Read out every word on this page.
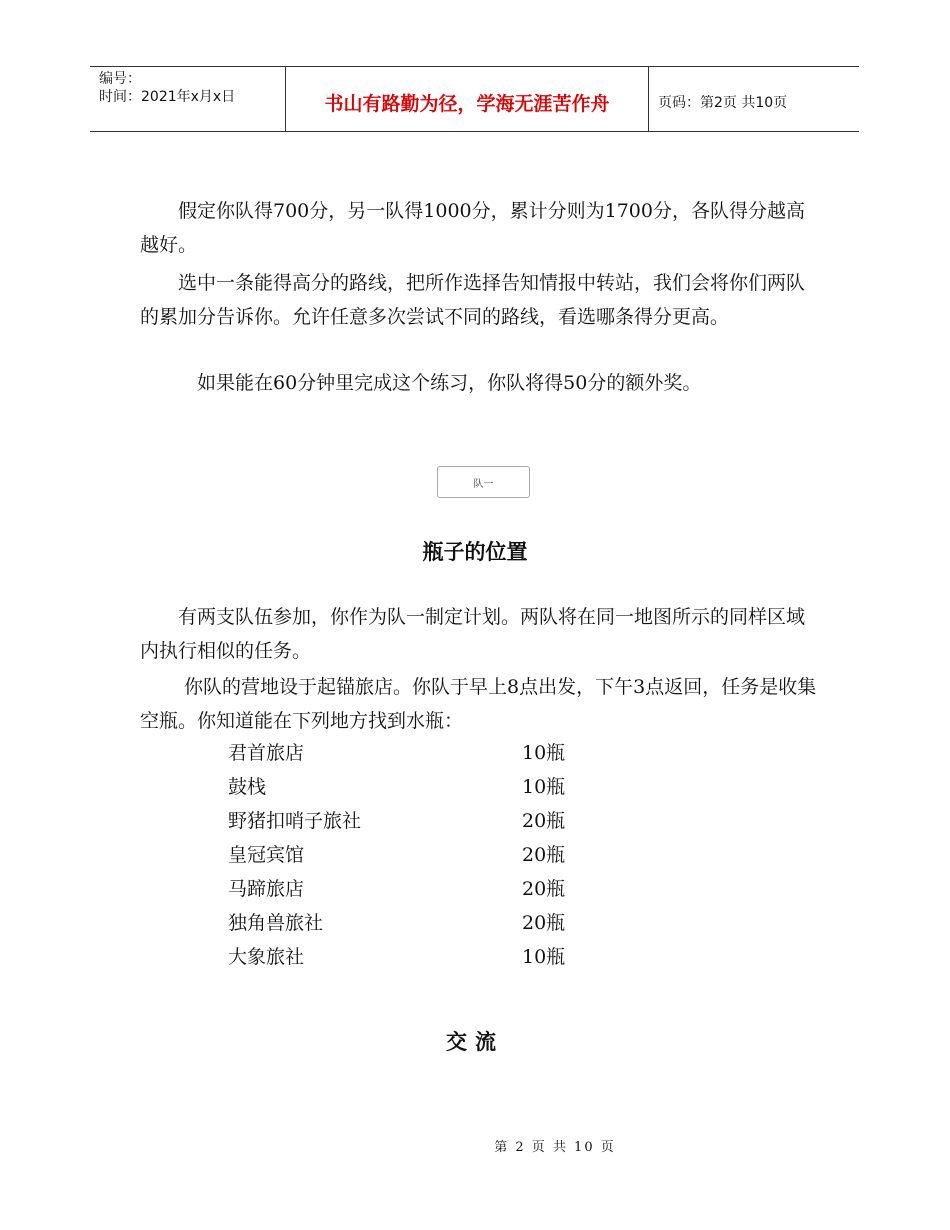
编号：
时间：2021年x月x日	书山有路勤为径，学海无涯苦作舟	页码：第2页 共10页

　　假定你队得700分，另一队得1000分，累计分则为1700分，各队得分越高越好。

　　选中一条能得高分的路线，把所作选择告知情报中转站，我们会将你们两队的累加分告诉你。允许任意多次尝试不同的路线，看选哪条得分更高。

　　　如果能在60分钟里完成这个练习，你队将得50分的额外奖。

队一
瓶子的位置

　　有两支队伍参加，你作为队一制定计划。两队将在同一地图所示的同样区域内执行相似的任务。

　　 你队的营地设于起锚旅店。你队于早上8点出发，下午3点返回，任务是收集空瓶。你知道能在下列地方找到水瓶：

君首旅店	10瓶
鼓栈	10瓶
野猪扣哨子旅社	20瓶
皇冠宾馆	20瓶
马蹄旅店	20瓶
独角兽旅社	20瓶
大象旅社	10瓶
交流
第 2 页 共 10 页
